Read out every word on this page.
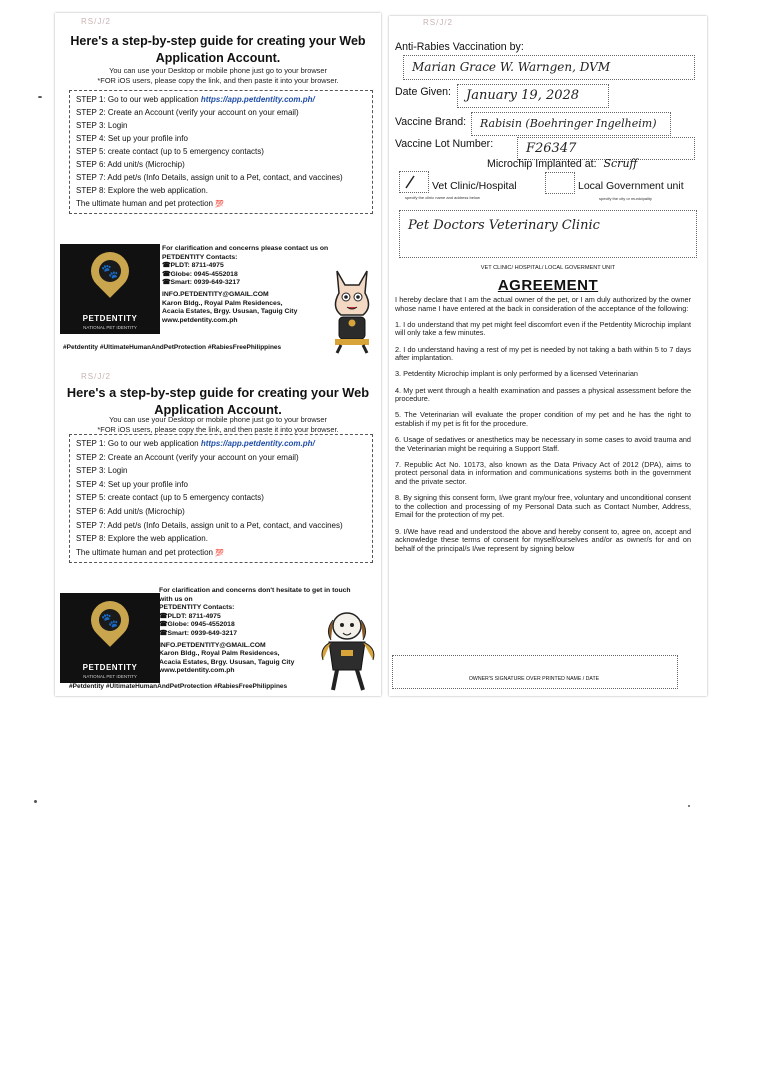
RS/J/2
Here's a step-by-step guide for creating your Web
Application Account.
You can use your Desktop or mobile phone just go to your browser
*FOR iOS users, please copy the link, and then paste it into your browser.
STEP 1: Go to our web application https://app.petdentity.com.ph/
STEP 2: Create an Account (verify your account on your email)
STEP 3: Login
STEP 4: Set up your profile info
STEP 5: create contact (up to 5 emergency contacts)
STEP 6: Add unit/s (Microchip)
STEP 7: Add pet/s (Info Details, assign unit to a Pet, contact, and vaccines)
STEP 8: Explore the web application.
The ultimate human and pet protection 💯
🐾
PETDENTITY
NATIONAL PET IDENTITY
For clarification and concerns please contact us on
PETDENTITY Contacts:
☎PLDT: 8711-4975
☎Globe: 0945-4552018
☎Smart: 0939-649-3217
INFO.PETDENTITY@GMAIL.COM
Karon Bldg., Royal Palm Residences,
Acacia Estates, Brgy. Ususan, Taguig City
www.petdentity.com.ph
#Petdentity #UltimateHumanAndPetProtection #RabiesFreePhilippines
RS/J/2
Here's a step-by-step guide for creating your Web
Application Account.
You can use your Desktop or mobile phone just go to your browser
*FOR iOS users, please copy the link, and then paste it into your browser.
STEP 1: Go to our web application https://app.petdentity.com.ph/
STEP 2: Create an Account (verify your account on your email)
STEP 3: Login
STEP 4: Set up your profile info
STEP 5: create contact (up to 5 emergency contacts)
STEP 6: Add unit/s (Microchip)
STEP 7: Add pet/s (Info Details, assign unit to a Pet, contact, and vaccines)
STEP 8: Explore the web application.
The ultimate human and pet protection 💯
🐾
PETDENTITY
NATIONAL PET IDENTITY
For clarification and concerns don't hesitate to get in touch with us on
PETDENTITY Contacts:
☎PLDT: 8711-4975
☎Globe: 0945-4552018
☎Smart: 0939-649-3217
INFO.PETDENTITY@GMAIL.COM
Karon Bldg., Royal Palm Residences,
Acacia Estates, Brgy. Ususan, Taguig City
www.petdentity.com.ph
#Petdentity #UltimateHumanAndPetProtection #RabiesFreePhilippines
RS/J/2
Anti-Rabies Vaccination by:
Marian Grace W. Warngen, DVM
Date Given:	January 19, 2028
Vaccine Brand:	Rabisin (Boehringer Ingelheim)
Vaccine Lot Number:	F26347
Microchip Implanted at: Scruff
Vet Clinic/Hospital
specify the clinic name and address below
Local Government unit
specify the city or municipality
Pet Doctors Veterinary Clinic
VET CLINIC/ HOSPITAL/ LOCAL GOVERMENT UNIT
AGREEMENT

I hereby declare that I am the actual owner of the pet, or I am duly authorized by the owner whose name I have entered at the back in consideration of the acceptance of the following:

1. I do understand that my pet might feel discomfort even if the Petdentity Microchip implant will only take a few minutes.

2. I do understand having a rest of my pet is needed by not taking a bath within 5 to 7 days after implantation.

3. Petdentity Microchip implant is only performed by a licensed Veterinarian

4. My pet went through a health examination and passes a physical assessment before the procedure.

5. The Veterinarian will evaluate the proper condition of my pet and he has the right to establish if my pet is fit for the procedure.

6. Usage of sedatives or anesthetics may be necessary in some cases to avoid trauma and the Veterinarian might be requiring a Support Staff.

7. Republic Act No. 10173, also known as the Data Privacy Act of 2012 (DPA), aims to protect personal data in information and communications systems both in the government and the private sector.

8. By signing this consent form, I/we grant my/our free, voluntary and unconditional consent to the collection and processing of my Personal Data such as Contact Number, Address, Email for the protection of my pet.

9. I/We have read and understood the above and hereby consent to, agree on, accept and acknowledge these terms of consent for myself/ourselves and/or as owner/s for and on behalf of the principal/s I/we represent by signing below

OWNER'S SIGNATURE OVER PRINTED NAME / DATE
